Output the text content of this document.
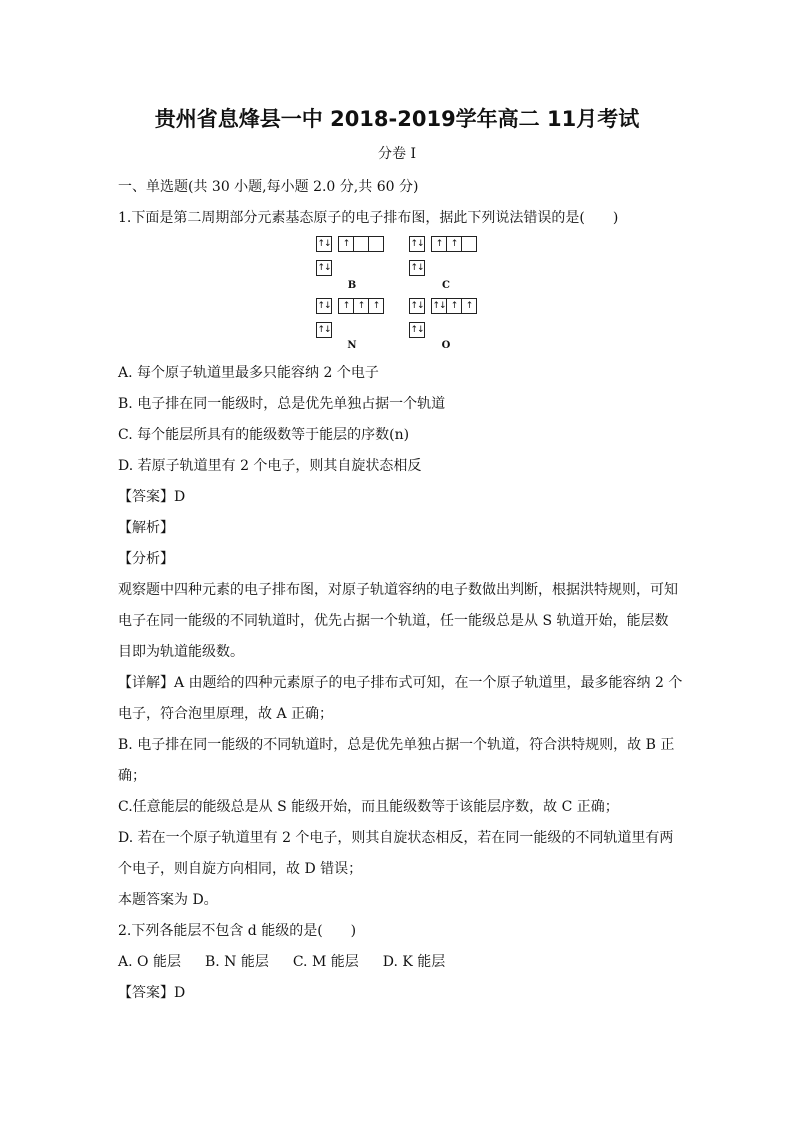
贵州省息烽县一中 2018-2019学年高二 11月考试
分卷 I
一、单选题(共 30 小题,每小题 2.0 分,共 60 分)
1.下面是第二周期部分元素基态原子的电子排布图，据此下列说法错误的是(　　)
↑↓	↑
↑↓
B
↑↓	↑ ↑
↑↓
C
↑↓	↑ ↑ ↑
↑↓
N
↑↓ ↑↓ ↑ ↑
↑↓
O
A. 每个原子轨道里最多只能容纳 2 个电子
B. 电子排在同一能级时，总是优先单独占据一个轨道
C. 每个能层所具有的能级数等于能层的序数(n)
D. 若原子轨道里有 2 个电子，则其自旋状态相反
【答案】D
【解析】
【分析】
观察题中四种元素的电子排布图，对原子轨道容纳的电子数做出判断，根据洪特规则，可知
电子在同一能级的不同轨道时，优先占据一个轨道，任一能级总是从 S 轨道开始，能层数
目即为轨道能级数。
【详解】A 由题给的四种元素原子的电子排布式可知，在一个原子轨道里，最多能容纳 2 个
电子，符合泡里原理，故 A 正确；
B. 电子排在同一能级的不同轨道时，总是优先单独占据一个轨道，符合洪特规则，故 B 正
确；
C.任意能层的能级总是从 S 能级开始，而且能级数等于该能层序数，故 C 正确；
D. 若在一个原子轨道里有 2 个电子，则其自旋状态相反，若在同一能级的不同轨道里有两
个电子，则自旋方向相同，故 D 错误；
本题答案为 D。
2.下列各能层不包含 d 能级的是(　　)
A. O 能层 B. N 能层 C. M 能层 D. K 能层
【答案】D
